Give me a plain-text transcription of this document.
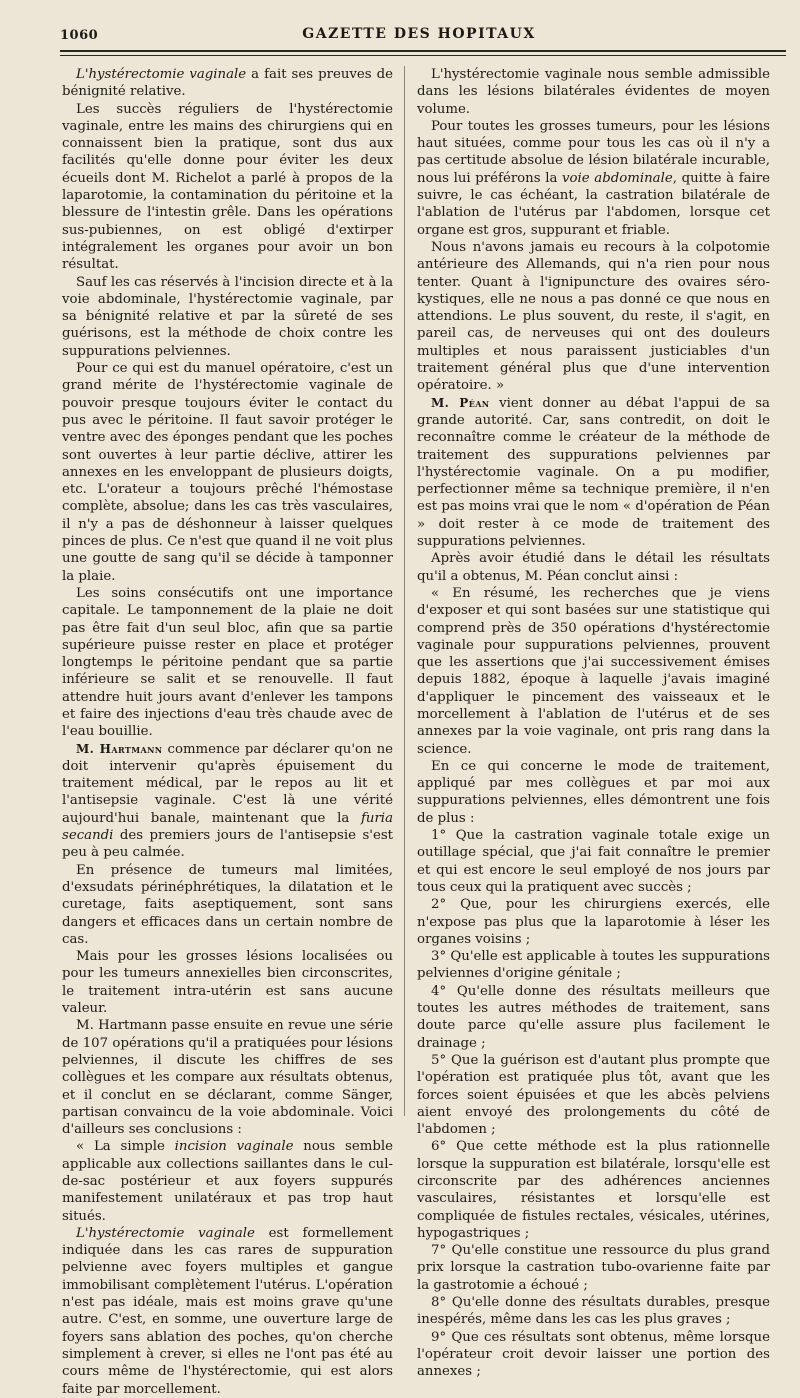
1060	GAZETTE DES HOPITAUX

L'hystérectomie vaginale a fait ses preuves de bénignité relative.

Les succès réguliers de l'hystérectomie vaginale, entre les mains des chirurgiens qui en connaissent bien la pratique, sont dus aux facilités qu'elle donne pour éviter les deux écueils dont M. Richelot a parlé à propos de la laparotomie, la contamination du péritoine et la blessure de l'intestin grêle. Dans les opérations sus-pubiennes, on est obligé d'extirper intégralement les organes pour avoir un bon résultat.

Sauf les cas réservés à l'incision directe et à la voie abdominale, l'hystérectomie vaginale, par sa bénignité relative et par la sûreté de ses guérisons, est la méthode de choix contre les suppurations pelviennes.

Pour ce qui est du manuel opératoire, c'est un grand mérite de l'hystérectomie vaginale de pouvoir presque toujours éviter le contact du pus avec le péritoine. Il faut savoir protéger le ventre avec des éponges pendant que les poches sont ouvertes à leur partie déclive, attirer les annexes en les enveloppant de plusieurs doigts, etc. L'orateur a toujours prêché l'hémostase complète, absolue; dans les cas très vasculaires, il n'y a pas de déshonneur à laisser quelques pinces de plus. Ce n'est que quand il ne voit plus une goutte de sang qu'il se décide à tamponner la plaie.

Les soins consécutifs ont une importance capitale. Le tamponnement de la plaie ne doit pas être fait d'un seul bloc, afin que sa partie supérieure puisse rester en place et protéger longtemps le péritoine pendant que sa partie inférieure se salit et se renouvelle. Il faut attendre huit jours avant d'enlever les tampons et faire des injections d'eau très chaude avec de l'eau bouillie.

M. Hartmann commence par déclarer qu'on ne doit intervenir qu'après épuisement du traitement médical, par le repos au lit et l'antisepsie vaginale. C'est là une vérité aujourd'hui banale, maintenant que la furia secandi des premiers jours de l'antisepsie s'est peu à peu calmée.

En présence de tumeurs mal limitées, d'exsudats périnéphrétiques, la dilatation et le curetage, faits aseptiquement, sont sans dangers et efficaces dans un certain nombre de cas.

Mais pour les grosses lésions localisées ou pour les tumeurs annexielles bien circonscrites, le traitement intra-utérin est sans aucune valeur.

M. Hartmann passe ensuite en revue une série de 107 opérations qu'il a pratiquées pour lésions pelviennes, il discute les chiffres de ses collègues et les compare aux résultats obtenus, et il conclut en se déclarant, comme Sänger, partisan convaincu de la voie abdominale. Voici d'ailleurs ses conclusions :

« La simple incision vaginale nous semble applicable aux collections saillantes dans le cul-de-sac postérieur et aux foyers suppurés manifestement unilatéraux et pas trop haut situés.

L'hystérectomie vaginale est formellement indiquée dans les cas rares de suppuration pelvienne avec foyers multiples et gangue immobilisant complètement l'utérus. L'opération n'est pas idéale, mais est moins grave qu'une autre. C'est, en somme, une ouverture large de foyers sans ablation des poches, qu'on cherche simplement à crever, si elles ne l'ont pas été au cours même de l'hystérectomie, qui est alors faite par morcellement.

L'hystérectomie vaginale nous semble admissible dans les lésions bilatérales évidentes de moyen volume.

Pour toutes les grosses tumeurs, pour les lésions haut situées, comme pour tous les cas où il n'y a pas certitude absolue de lésion bilatérale incurable, nous lui préférons la voie abdominale, quitte à faire suivre, le cas échéant, la castration bilatérale de l'ablation de l'utérus par l'abdomen, lorsque cet organe est gros, suppurant et friable.

Nous n'avons jamais eu recours à la colpotomie antérieure des Allemands, qui n'a rien pour nous tenter. Quant à l'ignipuncture des ovaires séro-kystiques, elle ne nous a pas donné ce que nous en attendions. Le plus souvent, du reste, il s'agit, en pareil cas, de nerveuses qui ont des douleurs multiples et nous paraissent justiciables d'un traitement général plus que d'une intervention opératoire. »

M. Péan vient donner au débat l'appui de sa grande autorité. Car, sans contredit, on doit le reconnaître comme le créateur de la méthode de traitement des suppurations pelviennes par l'hystérectomie vaginale. On a pu modifier, perfectionner même sa technique première, il n'en est pas moins vrai que le nom « d'opération de Péan » doit rester à ce mode de traitement des suppurations pelviennes.

Après avoir étudié dans le détail les résultats qu'il a obtenus, M. Péan conclut ainsi :

« En résumé, les recherches que je viens d'exposer et qui sont basées sur une statistique qui comprend près de 350 opérations d'hystérectomie vaginale pour suppurations pelviennes, prouvent que les assertions que j'ai successivement émises depuis 1882, époque à laquelle j'avais imaginé d'appliquer le pincement des vaisseaux et le morcellement à l'ablation de l'utérus et de ses annexes par la voie vaginale, ont pris rang dans la science.

En ce qui concerne le mode de traitement, appliqué par mes collègues et par moi aux suppurations pelviennes, elles démontrent une fois de plus :

1° Que la castration vaginale totale exige un outillage spécial, que j'ai fait connaître le premier et qui est encore le seul employé de nos jours par tous ceux qui la pratiquent avec succès ;

2° Que, pour les chirurgiens exercés, elle n'expose pas plus que la laparotomie à léser les organes voisins ;

3° Qu'elle est applicable à toutes les suppurations pelviennes d'origine génitale ;

4° Qu'elle donne des résultats meilleurs que toutes les autres méthodes de traitement, sans doute parce qu'elle assure plus facilement le drainage ;

5° Que la guérison est d'autant plus prompte que l'opération est pratiquée plus tôt, avant que les forces soient épuisées et que les abcès pelviens aient envoyé des prolongements du côté de l'abdomen ;

6° Que cette méthode est la plus rationnelle lorsque la suppuration est bilatérale, lorsqu'elle est circonscrite par des adhérences anciennes vasculaires, résistantes et lorsqu'elle est compliquée de fistules rectales, vésicales, utérines, hypogastriques ;

7° Qu'elle constitue une ressource du plus grand prix lorsque la castration tubo-ovarienne faite par la gastrotomie a échoué ;

8° Qu'elle donne des résultats durables, presque inespérés, même dans les cas les plus graves ;

9° Que ces résultats sont obtenus, même lorsque l'opérateur croit devoir laisser une portion des annexes ;
